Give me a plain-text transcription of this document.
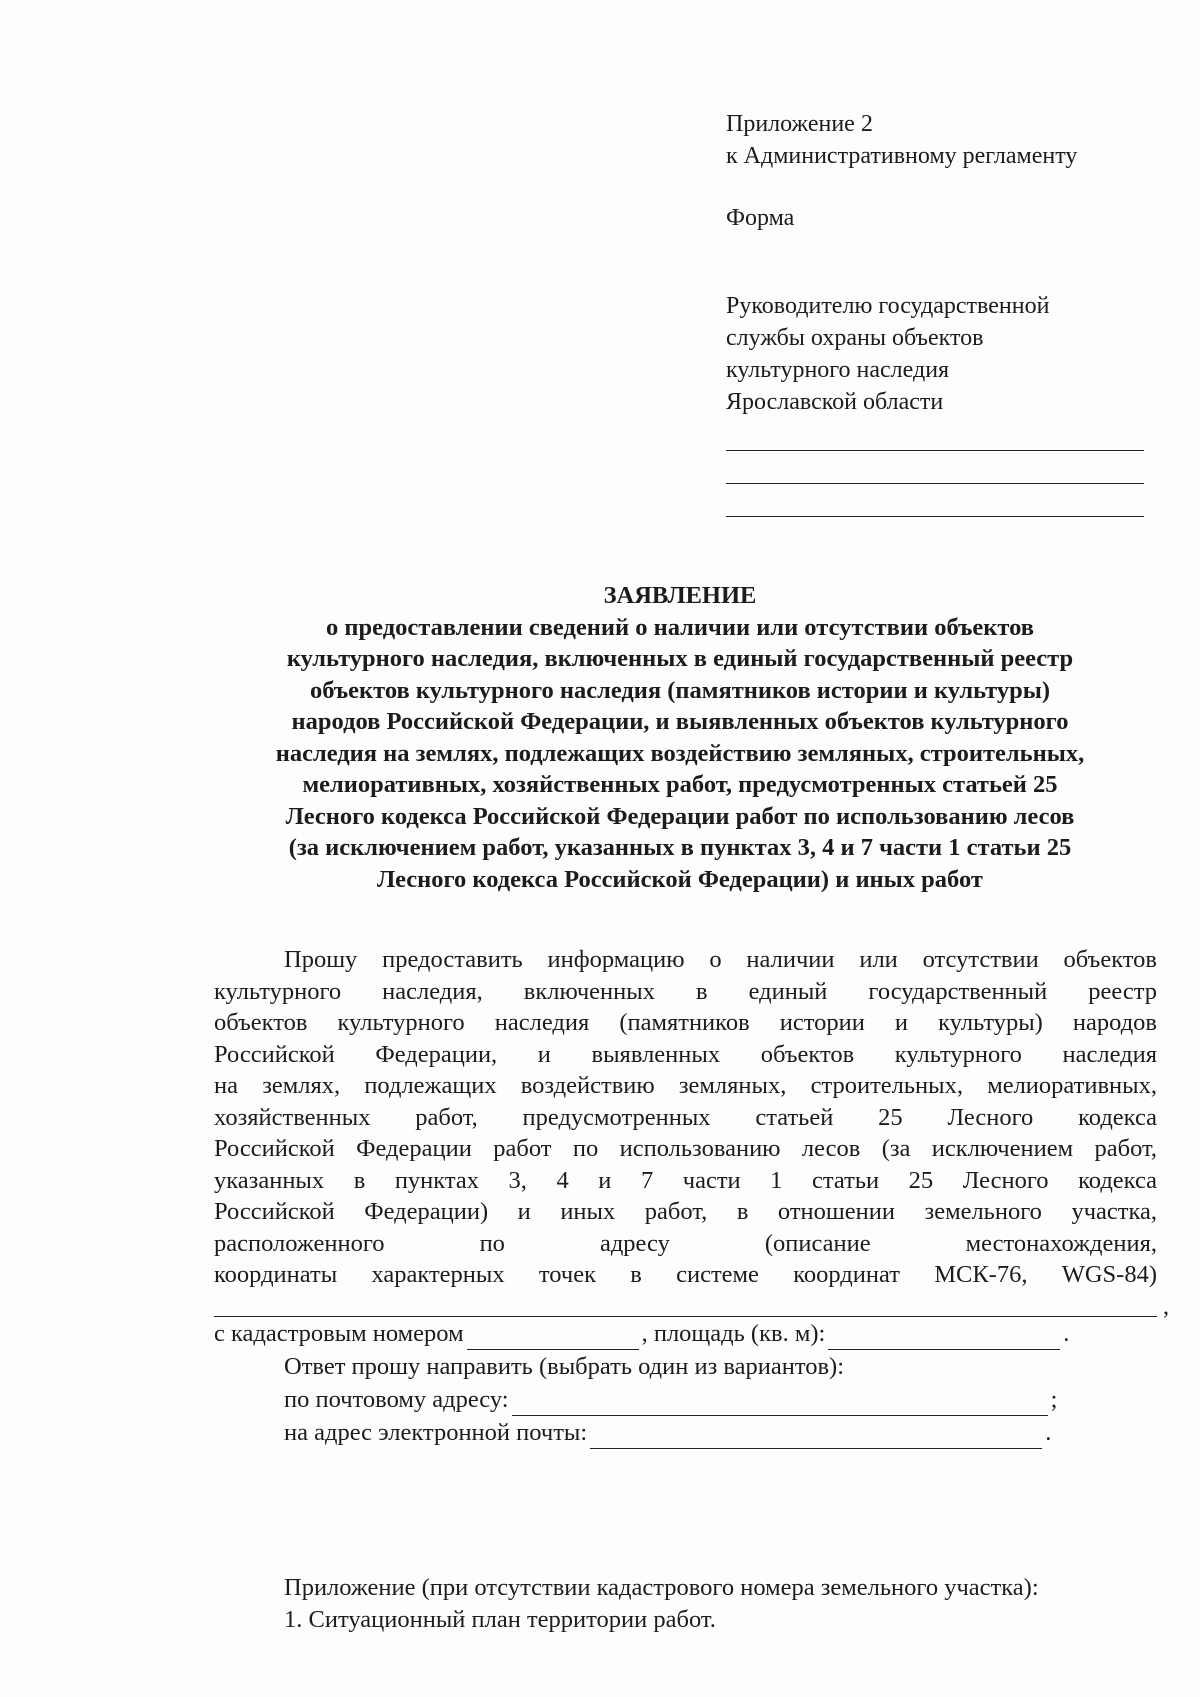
Приложение 2
к Административному регламенту
Форма
Руководителю государственной
службы охраны объектов
культурного наследия
Ярославской области
ЗАЯВЛЕНИЕ
о предоставлении сведений о наличии или отсутствии объектов
культурного наследия, включенных в единый государственный реестр
объектов культурного наследия (памятников истории и культуры)
народов Российской Федерации, и выявленных объектов культурного
наследия на землях, подлежащих воздействию земляных, строительных,
мелиоративных, хозяйственных работ, предусмотренных статьей 25
Лесного кодекса Российской Федерации работ по использованию лесов
(за исключением работ, указанных в пунктах 3, 4 и 7 части 1 статьи 25
Лесного кодекса Российской Федерации) и иных работ
Прошу предоставить информацию о наличии или отсутствии объектов
культурного наследия, включенных в единый государственный реестр
объектов культурного наследия (памятников истории и культуры) народов
Российской Федерации, и выявленных объектов культурного наследия
на землях, подлежащих воздействию земляных, строительных, мелиоративных,
хозяйственных работ, предусмотренных статьей 25 Лесного кодекса
Российской Федерации работ по использованию лесов (за исключением работ,
указанных в пунктах 3, 4 и 7 части 1 статьи 25 Лесного кодекса
Российской Федерации) и иных работ, в отношении земельного участка,
расположенного по адресу (описание местонахождения,
координаты характерных точек в системе координат МСК-76, WGS-84)
,
с кадастровым номером	, площадь (кв. м):	.
Ответ прошу направить (выбрать один из вариантов):
по почтовому адресу:	;
на адрес электронной почты:	.
Приложение (при отсутствии кадастрового номера земельного участка):
1. Ситуационный план территории работ.
